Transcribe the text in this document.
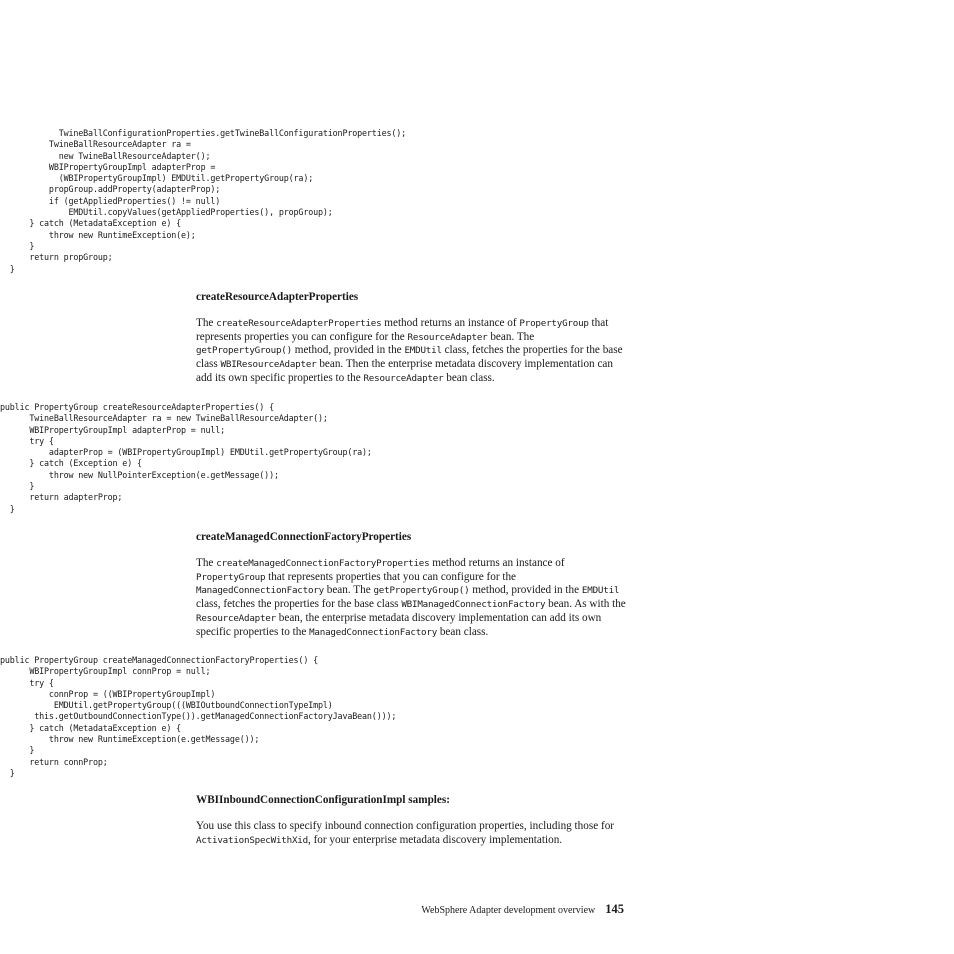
TwineBallConfigurationProperties.getTwineBallConfigurationProperties();
TwineBallResourceAdapter ra =
new TwineBallResourceAdapter();
WBIPropertyGroupImpl adapterProp =
(WBIPropertyGroupImpl) EMDUtil.getPropertyGroup(ra);
propGroup.addProperty(adapterProp);
if (getAppliedProperties() != null)
EMDUtil.copyValues(getAppliedProperties(), propGroup);
} catch (MetadataException e) {
throw new RuntimeException(e);
}
return propGroup;
}
createResourceAdapterProperties

The createResourceAdapterProperties method returns an instance of PropertyGroup that represents properties you can configure for the ResourceAdapter bean. The getPropertyGroup() method, provided in the EMDUtil class, fetches the properties for the base class WBIResourceAdapter bean. Then the enterprise metadata discovery implementation can add its own specific properties to the ResourceAdapter bean class.

public PropertyGroup createResourceAdapterProperties() {
TwineBallResourceAdapter ra = new TwineBallResourceAdapter();
WBIPropertyGroupImpl adapterProp = null;
try {
adapterProp = (WBIPropertyGroupImpl) EMDUtil.getPropertyGroup(ra);
} catch (Exception e) {
throw new NullPointerException(e.getMessage());
}
return adapterProp;
}
createManagedConnectionFactoryProperties

The createManagedConnectionFactoryProperties method returns an instance of PropertyGroup that represents properties that you can configure for the ManagedConnectionFactory bean. The getPropertyGroup() method, provided in the EMDUtil class, fetches the properties for the base class WBIManagedConnectionFactory bean. As with the ResourceAdapter bean, the enterprise metadata discovery implementation can add its own specific properties to the ManagedConnectionFactory bean class.

public PropertyGroup createManagedConnectionFactoryProperties() {
WBIPropertyGroupImpl connProp = null;
try {
connProp = ((WBIPropertyGroupImpl)
EMDUtil.getPropertyGroup(((WBIOutboundConnectionTypeImpl)
this.getOutboundConnectionType()).getManagedConnectionFactoryJavaBean()));
} catch (MetadataException e) {
throw new RuntimeException(e.getMessage());
}
return connProp;
}
WBIInboundConnectionConfigurationImpl samples:

You use this class to specify inbound connection configuration properties, including those for ActivationSpecWithXid, for your enterprise metadata discovery implementation.

WebSphere Adapter development overview 145
